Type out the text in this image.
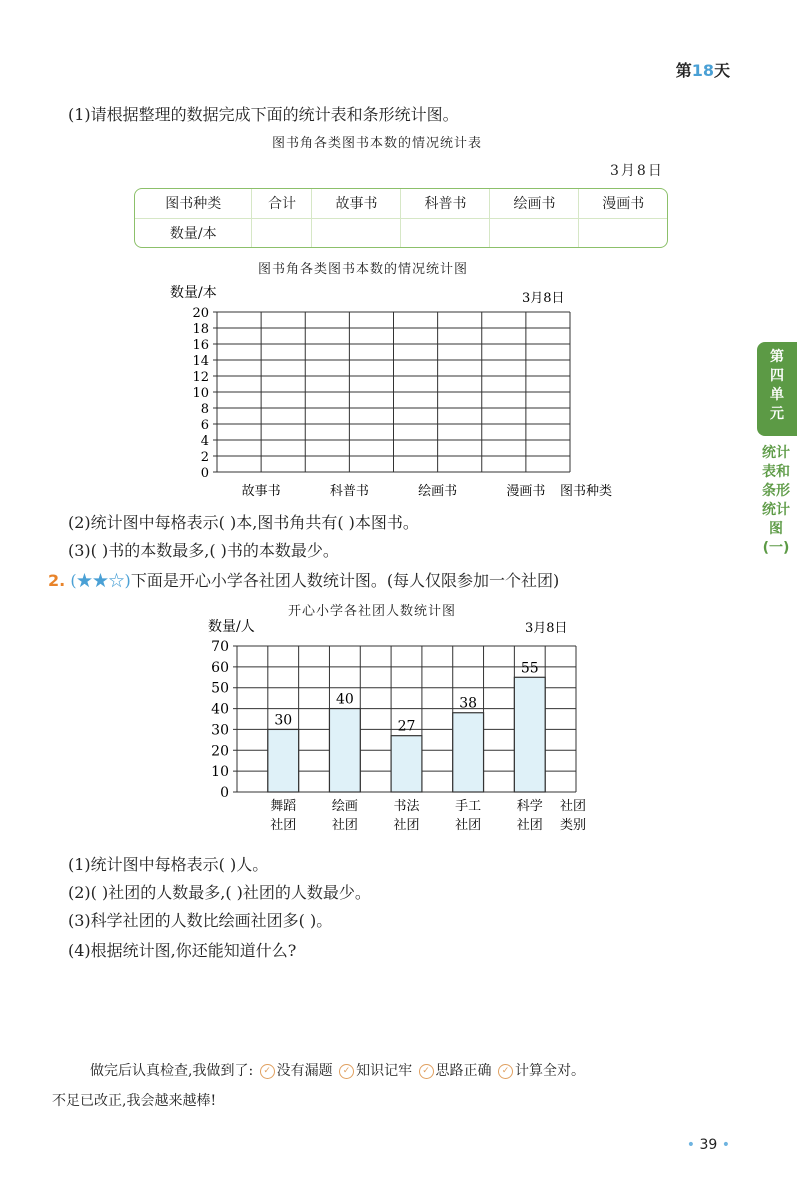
第18天
第四单元
统计表和条形统计图(一)
(1)请根据整理的数据完成下面的统计表和条形统计图。
图书角各类图书本数的情况统计表
3月8日
图书种类	合计	故事书	科普书	绘画书	漫画书
数量/本					
图书角各类图书本数的情况统计图
数量/本	3月8日
图书种类
0
2
4
6
8
10
12
14
16
18
20
故事书	科普书	绘画书	漫画书
(2)统计图中每格表示( )本,图书角共有( )本图书。
(3)( )书的本数最多,( )书的本数最少。
2. (★★☆)下面是开心小学各社团人数统计图。(每人仅限参加一个社团)
开心小学各社团人数统计图
数量/人	3月8日
30
40
27
38
55
0
10
20
30
40
50
60
70
舞蹈社团
绘画社团
书法社团
手工社团
科学社团
社团类别
(1)统计图中每格表示( )人。
(2)( )社团的人数最多,( )社团的人数最少。
(3)科学社团的人数比绘画社团多( )。
(4)根据统计图,你还能知道什么?
做完后认真检查,我做到了: ✓ 没有漏题 ✓ 知识记牢 ✓ 思路正确 ✓ 计算全对。
不足已改正,我会越来越棒!
• 39 •
